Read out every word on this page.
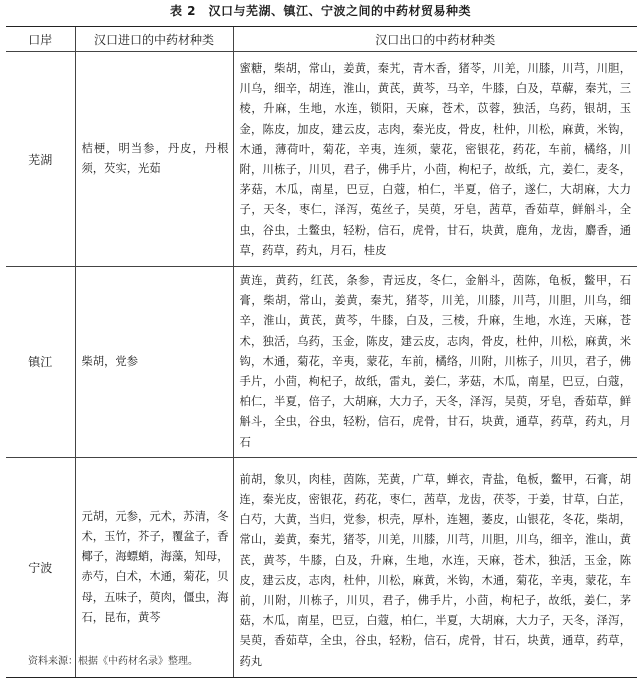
表 2　汉口与芜湖、镇江、宁波之间的中药材贸易种类
口岸	汉口进口的中药材种类	汉口出口的中药材种类
芜湖	桔梗，明当参，丹皮，丹根须，芡实，光茹	蜜糖，柴胡，常山，姜黄，秦艽，青木香，猪苓，川羌，川膝，川芎，川胆，川乌，细辛，胡连，淮山，黄芪，黄芩，马辛，牛膝，白及，草薢，秦艽，三棱，升麻，生地，水连，锁阳，天麻，苍术，苡蓉，独活，乌药，银胡，玉金，陈皮，加皮，建云皮，志肉，秦光皮，骨皮，杜仲，川松，麻黄，米钩，木通，薄荷叶，菊花，辛夷，连须，蒙花，密银花，药花，车前，橘络，川附，川栋子，川贝，君子，佛手片，小茴，枸杞子，故纸，亢，姜仁，麦冬，茅菇，木瓜，南星，巴豆，白蔻，柏仁，半夏，倍子，遂仁，大胡麻，大力子，天冬，枣仁，泽泻，菟丝子，吴萸，牙皂，茜草，香茹草，鲜斛斗，全虫，谷虫，土鳖虫，轻粉，信石，虎骨，甘石，块黄，鹿角，龙齿，麝香，通草，药草，药丸，月石，桂皮

镇江	柴胡，党参	黄连，黄药，红芪，条参，青远皮，冬仁，金斛斗，茵陈，龟板，鳖甲，石膏，柴胡，常山，姜黄，秦艽，猪苓，川羌，川膝，川芎，川胆，川乌，细辛，淮山，黄芪，黄芩，牛膝，白及，三棱，升麻，生地，水连，天麻，苍术，独活，乌药，玉金，陈皮，建云皮，志肉，骨皮，杜仲，川松，麻黄，米钩，木通，菊花，辛夷，蒙花，车前，橘络，川附，川栋子，川贝，君子，佛手片，小茴，枸杞子，故纸，雷丸，姜仁，茅菇，木瓜，南星，巴豆，白蔻，柏仁，半夏，倍子，大胡麻，大力子，天冬，泽泻，吴萸，牙皂，香茹草，鲜斛斗，全虫，谷虫，轻粉，信石，虎骨，甘石，块黄，通草，药草，药丸，月石

宁波	元胡，元参，元术，苏清，冬术，玉竹，芥子，覆盆子，香椰子，海螵蛸，海藻，知母，赤芍，白术，木通，菊花，贝母，五味子，萸肉，僵虫，海石，昆布，黄芩	前胡，象贝，肉桂，茵陈，芜黄，广草，蝉衣，青盐，龟板，鳖甲，石膏，胡连，秦光皮，密银花，药花，枣仁，茜草，龙齿，茯苓，于姜，甘草，白芷，白芍，大黄，当归，党参，枳壳，厚朴，连翘，萎皮，山银花，冬花，柴胡，常山，姜黄，秦艽，猪苓，川羌，川膝，川芎，川胆，川乌，细辛，淮山，黄芪，黄芩，牛膝，白及，升麻，生地，水连，天麻，苍术，独活，玉金，陈皮，建云皮，志肉，杜仲，川松，麻黄，米钩，木通，菊花，辛夷，蒙花，车前，川附，川栋子，川贝，君子，佛手片，小茴，枸杞子，故纸，姜仁，茅菇，木瓜，南星，巴豆，白蔻，柏仁，半夏，大胡麻，大力子，天冬，泽泻，吴萸，香茹草，全虫，谷虫，轻粉，信石，虎骨，甘石，块黄，通草，药草，药丸
资料来源：根据《中药材名录》整理。
